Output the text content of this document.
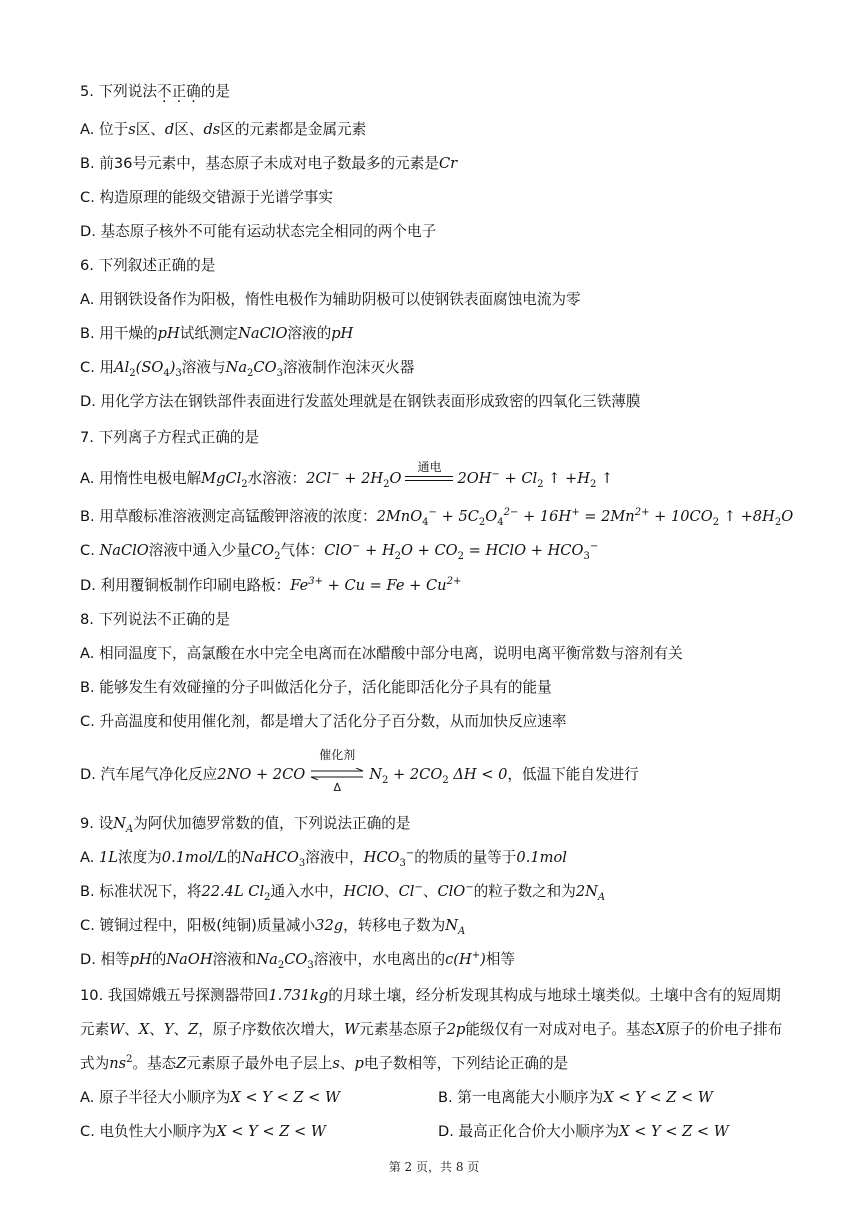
5. 下列说法不正确的是
A. 位于s区、d区、ds区的元素都是金属元素
B. 前36号元素中，基态原子未成对电子数最多的元素是Cr
C. 构造原理的能级交错源于光谱学事实
D. 基态原子核外不可能有运动状态完全相同的两个电子
6. 下列叙述正确的是
A. 用钢铁设备作为阳极，惰性电极作为辅助阴极可以使钢铁表面腐蚀电流为零
B. 用干燥的pH试纸测定NaClO溶液的pH
C. 用$Al_2(SO_4)_3$溶液与$Na_2CO_3$溶液制作泡沫灭火器
D. 用化学方法在钢铁部件表面进行发蓝处理就是在钢铁表面形成致密的四氧化三铁薄膜
7. 下列离子方程式正确的是
A. 用惰性电极电解MgCl$_2$水溶液：$2Cl^- + 2H_2O$
通电
$2OH^- + Cl_2$ ↑ $+H_2$ ↑
B. 用草酸标准溶液测定高锰酸钾溶液的浓度：$2MnO_4^- + 5C_2O_4^{2-} + 16H^+ = 2Mn^{2+} + 10CO_2$ ↑ $+8H_2O$
C. NaClO溶液中通入少量$CO_2$气体：$ClO^- + H_2O + CO_2$ = HClO + $HCO_3^-$
D. 利用覆铜板制作印刷电路板：$Fe^{3+} + Cu = Fe + Cu^{2+}$
8. 下列说法不正确的是
A. 相同温度下，高氯酸在水中完全电离而在冰醋酸中部分电离，说明电离平衡常数与溶剂有关
B. 能够发生有效碰撞的分子叫做活化分子，活化能即活化分子具有的能量
C. 升高温度和使用催化剂，都是增大了活化分子百分数，从而加快反应速率
D. 汽车尾气净化反应2NO + 2CO
催化剂
Δ
$N_2 + 2CO_2$ ΔH < 0，低温下能自发进行
9. 设$N_A$为阿伏加德罗常数的值，下列说法正确的是
A. 1L浓度为0.1mol/L的NaHCO$_3$溶液中，$HCO_3^-$的物质的量等于0.1mol
B. 标准状况下，将22.4L $Cl_2$通入水中，HClO、Cl−、ClO−的粒子数之和为$2N_A$
C. 镀铜过程中，阳极(纯铜)质量减小32g，转移电子数为$N_A$
D. 相等pH的NaOH溶液和$Na_2CO_3$溶液中，水电离出的c(H+)相等
10. 我国嫦娥五号探测器带回1.731kg的月球土壤，经分析发现其构成与地球土壤类似。土壤中含有的短周期
元素W、X、Y、Z，原子序数依次增大，W元素基态原子2p能级仅有一对成对电子。基态X原子的价电子排布
式为$ns^2$。基态Z元素原子最外电子层上s、p电子数相等，下列结论正确的是
A. 原子半径大小顺序为X < Y < Z < W	B. 第一电离能大小顺序为X < Y < Z < W
C. 电负性大小顺序为X < Y < Z < W	D. 最高正化合价大小顺序为X < Y < Z < W
第 2 页，共 8 页
